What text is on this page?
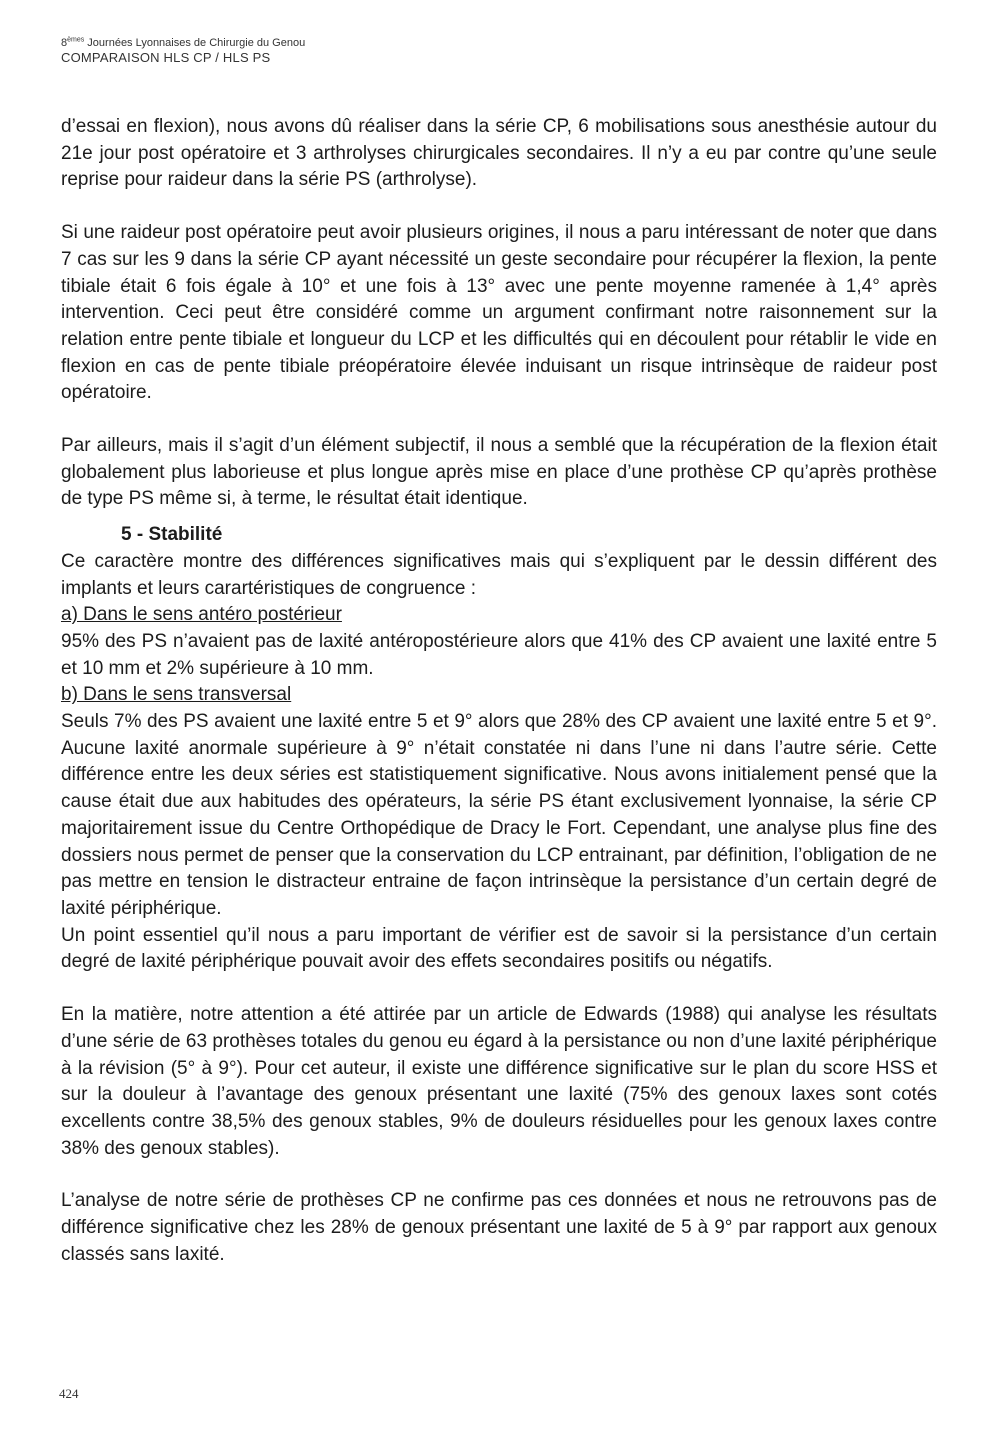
8èmes Journées Lyonnaises de Chirurgie du Genou
COMPARAISON HLS CP / HLS PS

d’essai en flexion), nous avons dû réaliser dans la série CP, 6 mobilisations sous anesthésie autour du 21e jour post opératoire et 3 arthrolyses chirurgicales secondaires. Il n’y a eu par contre qu’une seule reprise pour raideur dans la série PS (arthrolyse).

Si une raideur post opératoire peut avoir plusieurs origines, il nous a paru intéressant de noter que dans 7 cas sur les 9 dans la série CP ayant nécessité un geste secondaire pour récupérer la flexion, la pente tibiale était 6 fois égale à 10° et une fois à 13° avec une pente moyenne ramenée à 1,4° après intervention. Ceci peut être considéré comme un argument confirmant notre raisonnement sur la relation entre pente tibiale et longueur du LCP et les difficultés qui en découlent pour rétablir le vide en flexion en cas de pente tibiale préopératoire élevée induisant un risque intrinsèque de raideur post opératoire.

Par ailleurs, mais il s’agit d’un élément subjectif, il nous a semblé que la récupération de la flexion était globalement plus laborieuse et plus longue après mise en place d’une prothèse CP qu’après prothèse de type PS même si, à terme, le résultat était identique.

5 - Stabilité

Ce caractère montre des différences significatives mais qui s’expliquent par le dessin différent des implants et leurs carartéristiques de congruence :

a) Dans le sens antéro postérieur

95% des PS n’avaient pas de laxité antéropostérieure alors que 41% des CP avaient une laxité entre 5 et 10 mm et 2% supérieure à 10 mm.

b) Dans le sens transversal

Seuls 7% des PS avaient une laxité entre 5 et 9° alors que 28% des CP avaient une laxité entre 5 et 9°. Aucune laxité anormale supérieure à 9° n’était constatée ni dans l’une ni dans l’autre série. Cette différence entre les deux séries est statistiquement significative. Nous avons initialement pensé que la cause était due aux habitudes des opérateurs, la série PS étant exclusivement lyonnaise, la série CP majoritairement issue du Centre Orthopédique de Dracy le Fort. Cependant, une analyse plus fine des dossiers nous permet de penser que la conservation du LCP entrainant, par définition, l’obligation de ne pas mettre en tension le distracteur entraine de façon intrinsèque la persistance d’un certain degré de laxité périphérique.

Un point essentiel qu’il nous a paru important de vérifier est de savoir si la persistance d’un certain degré de laxité périphérique pouvait avoir des effets secondaires positifs ou négatifs.

En la matière, notre attention a été attirée par un article de Edwards (1988) qui analyse les résultats d’une série de 63 prothèses totales du genou eu égard à la persistance ou non d’une laxité périphérique à la révision (5° à 9°). Pour cet auteur, il existe une différence significative sur le plan du score HSS et sur la douleur à l’avantage des genoux présentant une laxité (75% des genoux laxes sont cotés excellents contre 38,5% des genoux stables, 9% de douleurs résiduelles pour les genoux laxes contre 38% des genoux stables).

L’analyse de notre série de prothèses CP ne confirme pas ces données et nous ne retrouvons pas de différence significative chez les 28% de genoux présentant une laxité de 5 à 9° par rapport aux genoux classés sans laxité.

424
